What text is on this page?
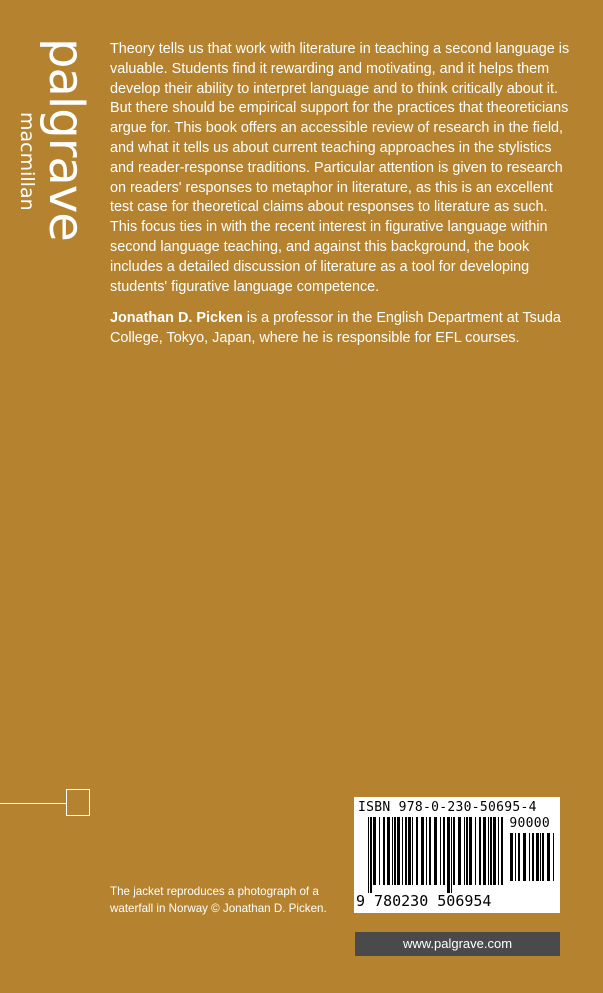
palgrave
macmillan

Theory tells us that work with literature in teaching a second language is valuable. Students find it rewarding and motivating, and it helps them develop their ability to interpret language and to think critically about it. But there should be empirical support for the practices that theoreticians argue for. This book offers an accessible review of research in the field, and what it tells us about current teaching approaches in the stylistics and reader-response traditions. Particular attention is given to research on readers' responses to metaphor in literature, as this is an excellent test case for theoretical claims about responses to literature as such. This focus ties in with the recent interest in figurative language within second language teaching, and against this background, the book includes a detailed discussion of literature as a tool for developing students' figurative language competence.

Jonathan D. Picken is a professor in the English Department at Tsuda College, Tokyo, Japan, where he is responsible for EFL courses.

The jacket reproduces a photograph of a waterfall in Norway © Jonathan D. Picken.
ISBN 978-0-230-50695-4
90000
9 780230 506954
www.palgrave.com
